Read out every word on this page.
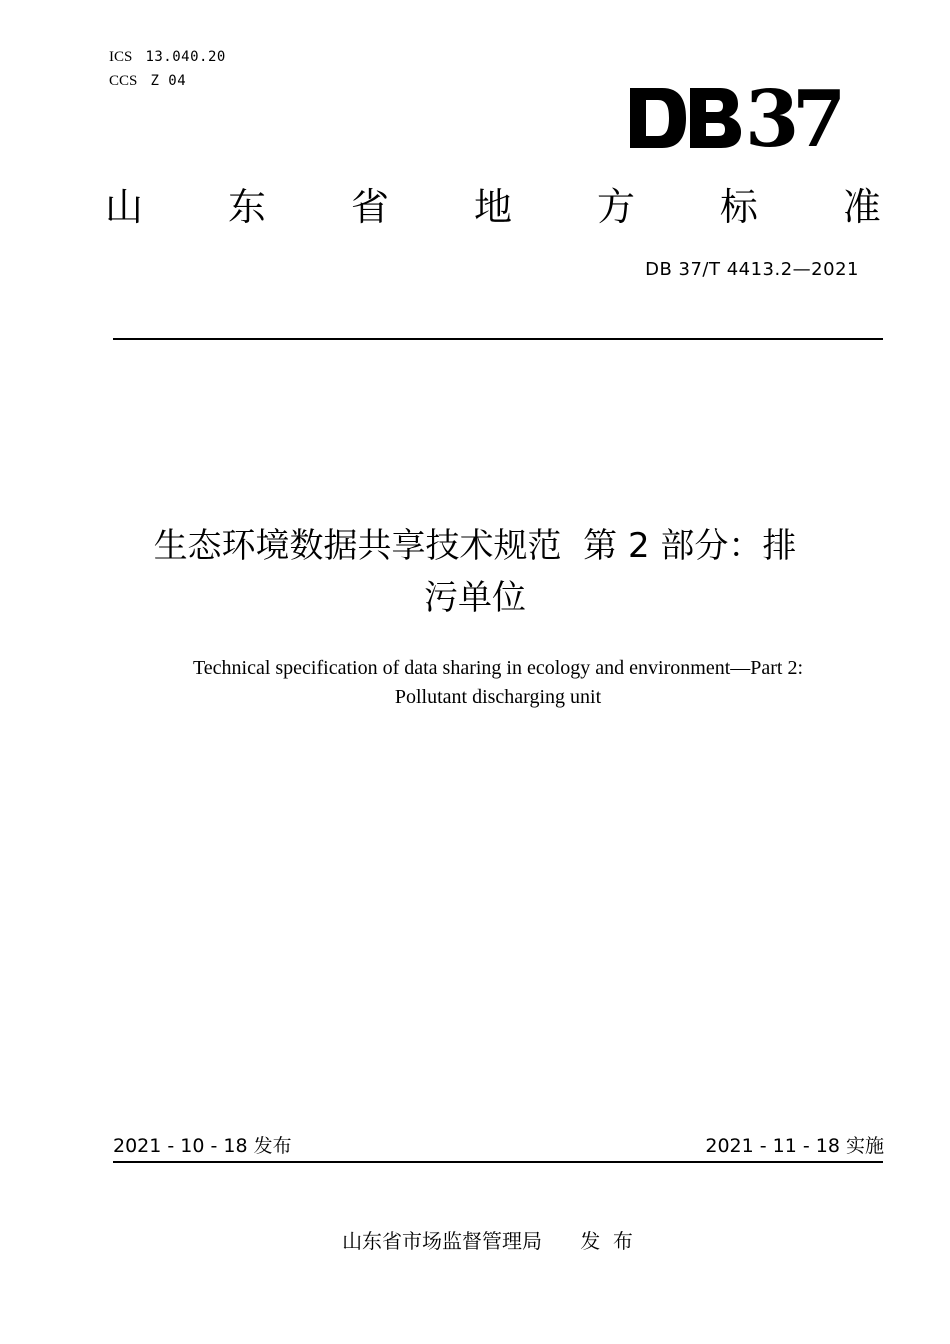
ICS 13.040.20
CCS Z 04	3
7
山 东 省 地 方 标 准
DB 37/T 4413.2—2021
生态环境数据共享技术规范  第 2 部分：排
污单位
Technical specification of data sharing in ecology and environment—Part 2:
Pollutant discharging unit
2021 - 10 - 18 发布	2021 - 11 - 18 实施
山东省市场监督管理局      发  布
